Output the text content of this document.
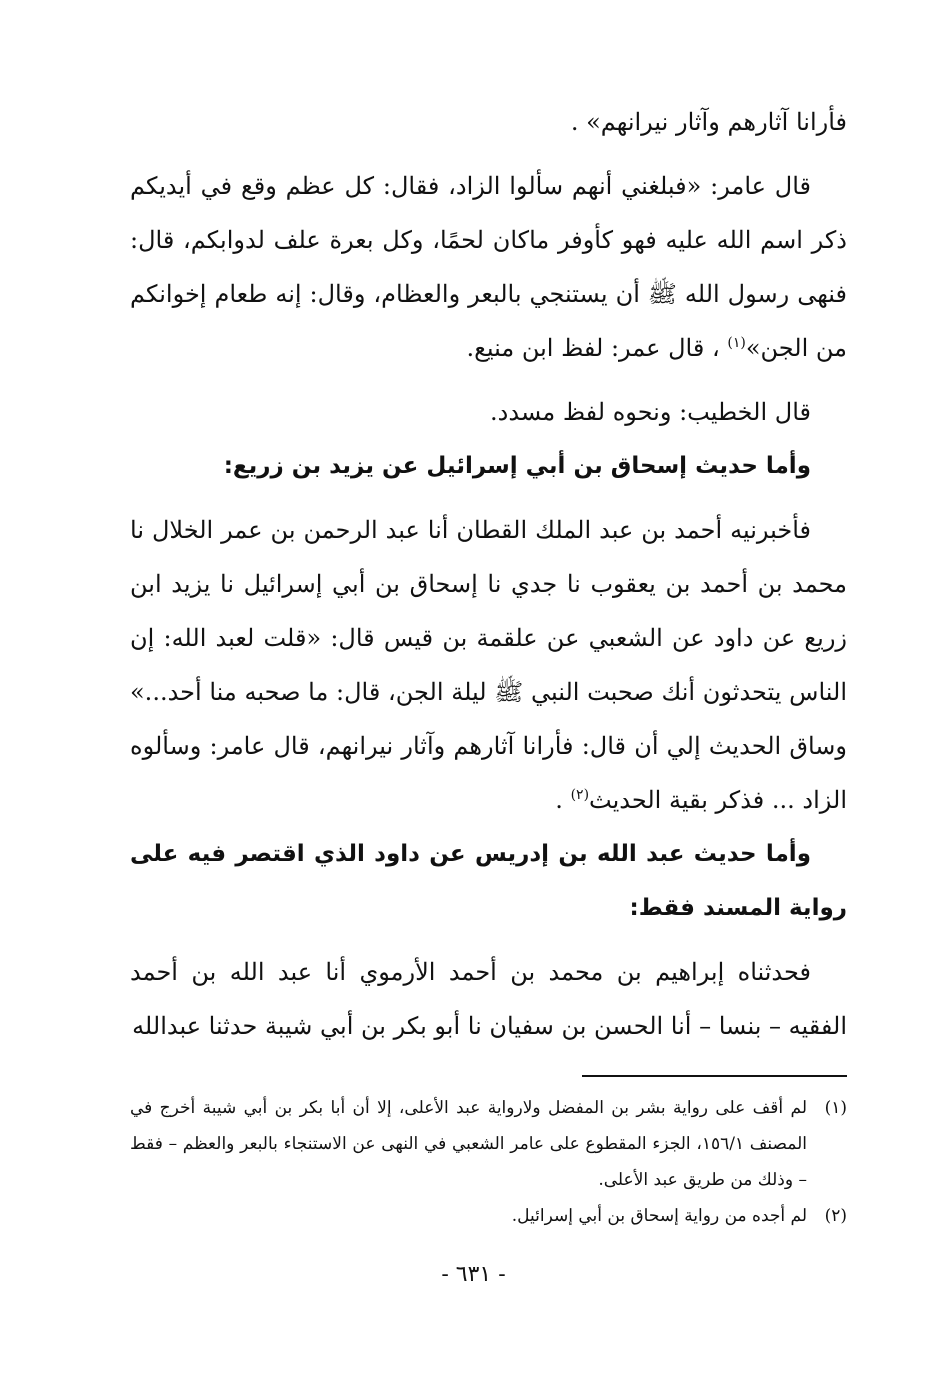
فأرانا آثارهم وآثار نيرانهم» .

قال عامر: «فبلغني أنهم سألوا الزاد، فقال: كل عظم وقع في أيديكم ذكر اسم الله عليه فهو كأوفر ماكان لحمًا، وكل بعرة علف لدوابكم، قال: فنهى رسول الله ﷺ أن يستنجي بالبعر والعظام، وقال: إنه طعام إخوانكم من الجن»$^{(١)}$ ، قال عمر: لفظ ابن منيع.

قال الخطيب: ونحوه لفظ مسدد.

وأما حديث إسحاق بن أبي إسرائيل عن يزيد بن زريع:

فأخبرنيه أحمد بن عبد الملك القطان أنا عبد الرحمن بن عمر الخلال نا محمد بن أحمد بن يعقوب نا جدي نا إسحاق بن أبي إسرائيل نا يزيد ابن زريع عن داود عن الشعبي عن علقمة بن قيس قال: «قلت لعبد الله: إن الناس يتحدثون أنك صحبت النبي ﷺ ليلة الجن، قال: ما صحبه منا أحد...» وساق الحديث إلي أن قال: فأرانا آثارهم وآثار نيرانهم، قال عامر: وسألوه الزاد ... فذكر بقية الحديث$^{(٢)}$ .

وأما حديث عبد الله بن إدريس عن داود الذي اقتصر فيه على رواية المسند فقط:

فحدثناه إبراهيم بن محمد بن أحمد الأرموي أنا عبد الله بن أحمد الفقيه – بنسا – أنا الحسن بن سفيان نا أبو بكر بن أبي شيبة حدثنا عبدالله

(١)
لم أقف على رواية بشر بن المفضل ولارواية عبد الأعلى، إلا أن أبا بكر بن أبي شيبة أخرج في المصنف ١٥٦/١، الجزء المقطوع على عامر الشعبي في النهى عن الاستنجاء بالبعر والعظم – فقط – وذلك من طريق عبد الأعلى.

(٢)
لم أجده من رواية إسحاق بن أبي إسرائيل.

- ٦٣١ -
